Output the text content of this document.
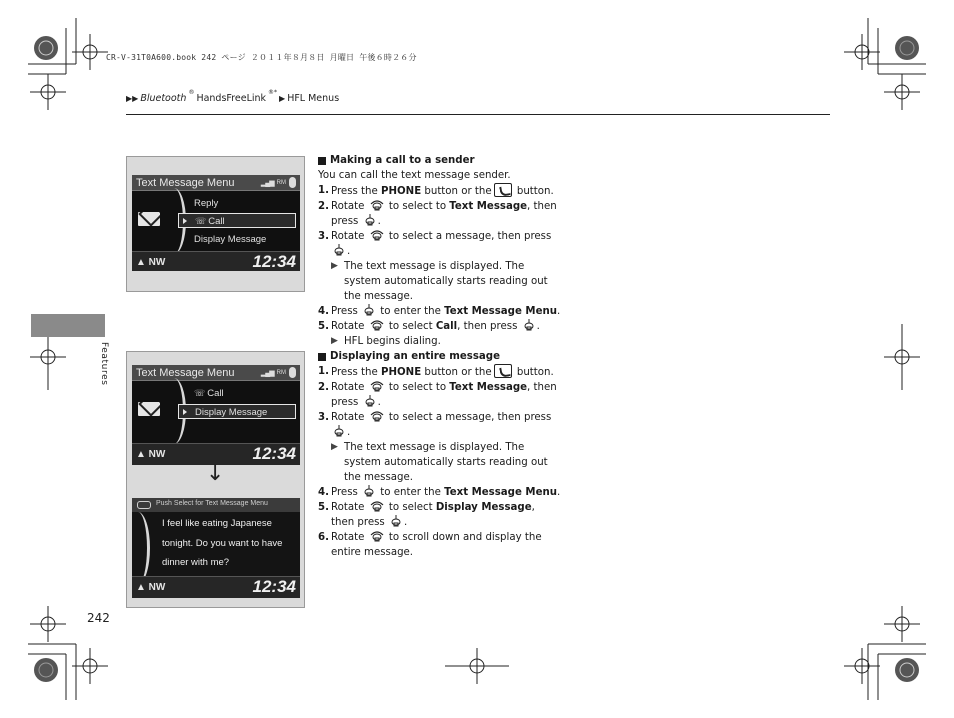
CR-V-31T0A600.book 242 ページ ２０１１年８月８日 月曜日 午後６時２６分
▶▶ Bluetooth
®
HandsFreeLink
®*
▶ HFL Menus
Features
Text Message Menu	▂▄▆ RM
Reply
☏ Call
Display Message
▲ NW	12:34
Text Message Menu	▂▄▆ RM
☏ Call
Display Message
▲ NW	12:34
Push Select for Text Message Menu
I feel like eating Japanese
tonight. Do you want to have
dinner with me?
▲ NW	12:34
↓
Making a call to a sender
You can call the text message sender.
1. Press the PHONE button or the button.
2. Rotate  to select to Text Message, then press .
3. Rotate  to select a message, then press .
▶ The text message is displayed. The system automatically starts reading out the message.
4. Press  to enter the Text Message Menu.
5. Rotate  to select Call, then press .
▶ HFL begins dialing.
Displaying an entire message
1. Press the PHONE button or the button.
2. Rotate  to select to Text Message, then press .
3. Rotate  to select a message, then press .
▶ The text message is displayed. The system automatically starts reading out the message.
4. Press  to enter the Text Message Menu.
5. Rotate  to select Display Message,
then press .
6. Rotate  to scroll down and display the entire message.
242
